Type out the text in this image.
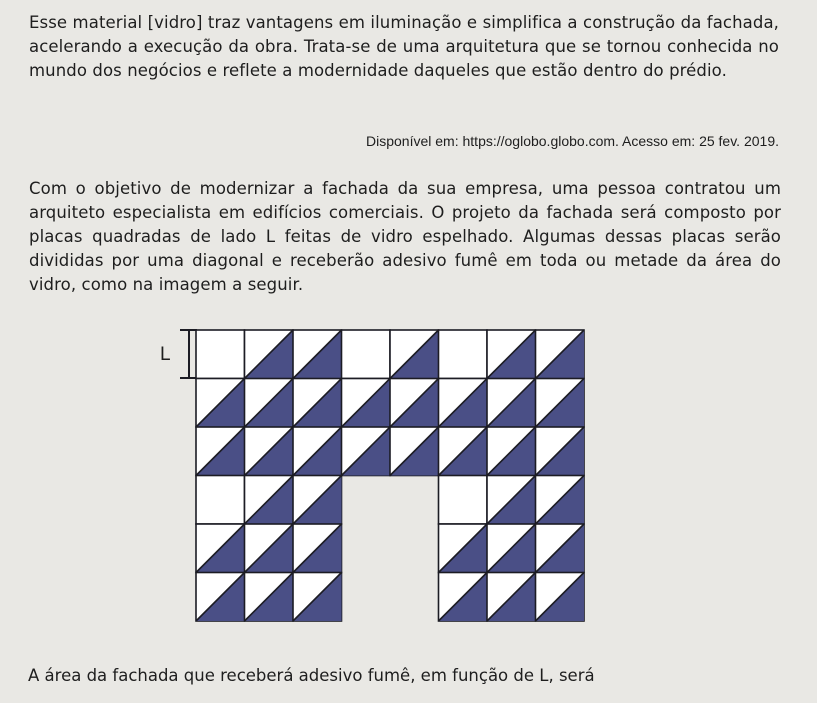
Esse material [vidro] traz vantagens em iluminação e simplifica a construção da fachada, acelerando a execução da obra. Trata-se de uma arquitetura que se tornou conhecida no mundo dos negócios e reflete a modernidade daqueles que estão dentro do prédio.
Disponível em: https://oglobo.globo.com. Acesso em: 25 fev. 2019.
Com o objetivo de modernizar a fachada da sua empresa, uma pessoa contratou um arquiteto especialista em edifícios comerciais. O projeto da fachada será composto por placas quadradas de lado L feitas de vidro espelhado. Algumas dessas placas serão divididas por uma diagonal e receberão adesivo fumê em toda ou metade da área do vidro, como na imagem a seguir.
L
A área da fachada que receberá adesivo fumê, em função de L, será
